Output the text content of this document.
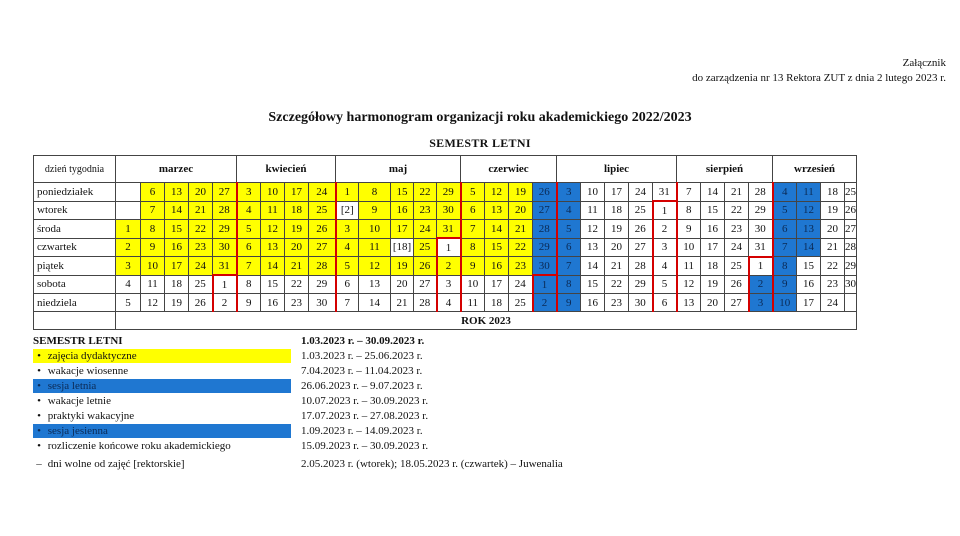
Załącznik
do zarządzenia nr 13 Rektora ZUT z dnia 2 lutego 2023 r.
Szczegółowy harmonogram organizacji roku akademickiego 2022/2023
SEMESTR LETNI
dzień tygodnia	marzec					kwiecień				maj					czerwiec				lipiec					sierpień				wrzesień			
poniedziałek		6	13	20	27	3	10	17	24	1	8	15	22	29	5	12	19	26	3	10	17	24	31	7	14	21	28	4	11	18	25
wtorek		7	14	21	28	4	11	18	25	[2]	9	16	23	30	6	13	20	27	4	11	18	25	1	8	15	22	29	5	12	19	26
środa	1	8	15	22	29	5	12	19	26	3	10	17	24	31	7	14	21	28	5	12	19	26	2	9	16	23	30	6	13	20	27
czwartek	2	9	16	23	30	6	13	20	27	4	11	[18]	25	1	8	15	22	29	6	13	20	27	3	10	17	24	31	7	14	21	28
piątek	3	10	17	24	31	7	14	21	28	5	12	19	26	2	9	16	23	30	7	14	21	28	4	11	18	25	1	8	15	22	29
sobota	4	11	18	25	1	8	15	22	29	6	13	20	27	3	10	17	24	1	8	15	22	29	5	12	19	26	2	9	16	23	30
niedziela	5	12	19	26	2	9	16	23	30	7	14	21	28	4	11	18	25	2	9	16	23	30	6	13	20	27	3	10	17	24	
	ROK 2023																														
SEMESTR LETNI	1.03.2023 r. – 30.09.2023 r.
• zajęcia dydaktyczne	1.03.2023 r. – 25.06.2023 r.
• wakacje wiosenne	7.04.2023 r. – 11.04.2023 r.
• sesja letnia	26.06.2023 r. – 9.07.2023 r.
• wakacje letnie	10.07.2023 r. – 30.09.2023 r.
• praktyki wakacyjne	17.07.2023 r. – 27.08.2023 r.
• sesja jesienna	1.09.2023 r. – 14.09.2023 r.
• rozliczenie końcowe roku akademickiego	15.09.2023 r. – 30.09.2023 r.
– dni wolne od zajęć [rektorskie]	2.05.2023 r. (wtorek); 18.05.2023 r. (czwartek) – Juwenalia
